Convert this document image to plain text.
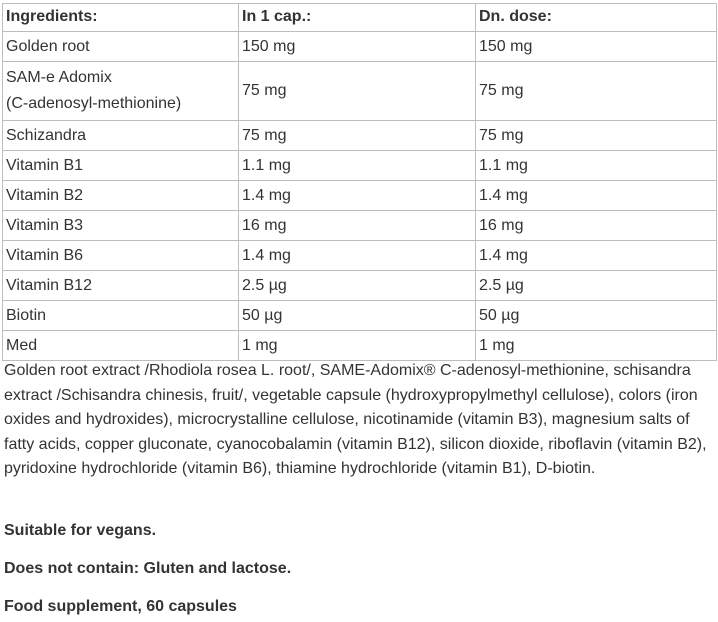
Ingredients:	In 1 cap.:	Dn. dose:
Golden root	150 mg	150 mg
SAM-e Adomix
(C-adenosyl-methionine)	75 mg	75 mg
Schizandra	75 mg	75 mg
Vitamin B1	1.1 mg	1.1 mg
Vitamin B2	1.4 mg	1.4 mg
Vitamin B3	16 mg	16 mg
Vitamin B6	1.4 mg	1.4 mg
Vitamin B12	2.5 µg	2.5 µg
Biotin	50 µg	50 µg
Med	1 mg	1 mg

Golden root extract /Rhodiola rosea L. root/, SAME-Adomix® C-adenosyl-methionine, schisandra extract /Schisandra chinesis, fruit/, vegetable capsule (hydroxypropylmethyl cellulose), colors (iron oxides and hydroxides), microcrystalline cellulose, nicotinamide (vitamin B3), magnesium salts of fatty acids, copper gluconate, cyanocobalamin (vitamin B12), silicon dioxide, riboflavin (vitamin B2), pyridoxine hydrochloride (vitamin B6), thiamine hydrochloride (vitamin B1), D-biotin.

Suitable for vegans.

Does not contain: Gluten and lactose.

Food supplement, 60 capsules
